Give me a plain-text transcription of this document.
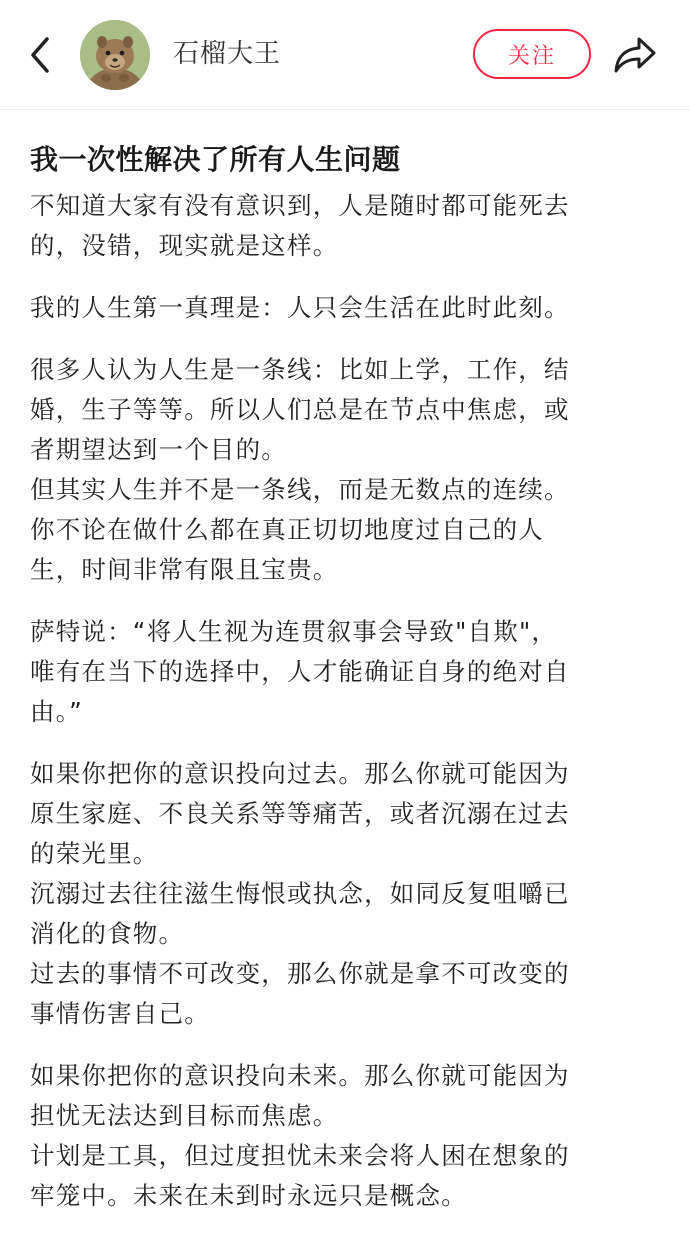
石榴大王	关注
我一次性解决了所有人生问题

不知道大家有没有意识到，人是随时都可能死去
的，没错，现实就是这样。

我的人生第一真理是：人只会生活在此时此刻。

很多人认为人生是一条线：比如上学，工作，结
婚，生子等等。所以人们总是在节点中焦虑，或
者期望达到一个目的。
但其实人生并不是一条线，而是无数点的连续。
你不论在做什么都在真正切切地度过自己的人
生，时间非常有限且宝贵。

萨特说：“将人生视为连贯叙事会导致"自欺"，
唯有在当下的选择中，人才能确证自身的绝对自
由。”

如果你把你的意识投向过去。那么你就可能因为
原生家庭、不良关系等等痛苦，或者沉溺在过去
的荣光里。
沉溺过去往往滋生悔恨或执念，如同反复咀嚼已
消化的食物。
过去的事情不可改变，那么你就是拿不可改变的
事情伤害自己。

如果你把你的意识投向未来。那么你就可能因为
担忧无法达到目标而焦虑。
计划是工具，但过度担忧未来会将人困在想象的
牢笼中。未来在未到时永远只是概念。
